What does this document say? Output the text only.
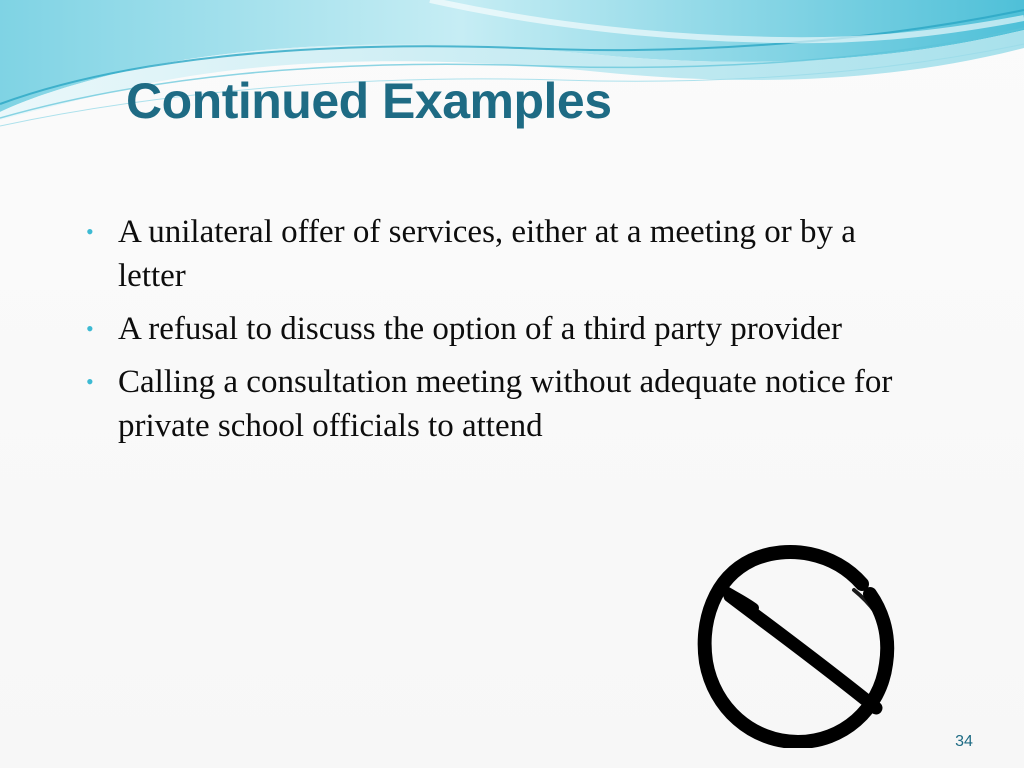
Continued Examples
• A unilateral offer of services, either at a meeting or by a letter
• A refusal to discuss the option of a third party provider
• Calling a consultation meeting without adequate notice for private school officials to attend
34
